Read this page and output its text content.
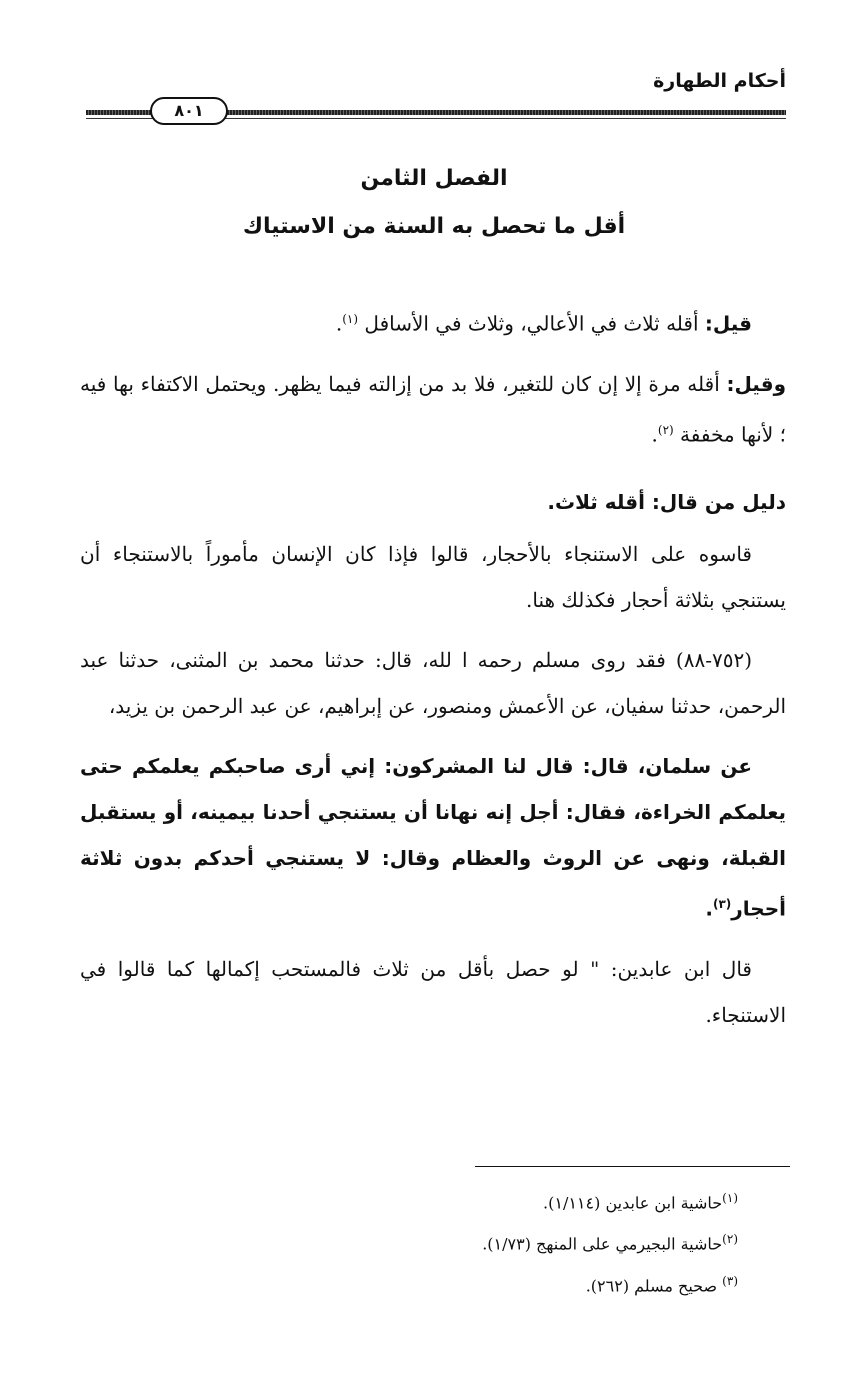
أحكام الطهارة
٨٠١
الفصل الثامن
أقل ما تحصل به السنة من الاستياك

قيل: أقله ثلاث في الأعالي، وثلاث في الأسافل $^{(١)}$.

وقيل: أقله مرة إلا إن كان للتغير، فلا بد من إزالته فيما يظهر. ويحتمل الاكتفاء بها فيه ؛ لأنها مخففة $^{(٢)}$.

دليل من قال: أقله ثلاث.

قاسوه على الاستنجاء بالأحجار، قالوا فإذا كان الإنسان مأموراً بالاستنجاء أن يستنجي بثلاثة أحجار فكذلك هنا.

(٧٥٢-٨٨) فقد روى مسلم رحمه ا لله، قال: حدثنا محمد بن المثنى، حدثنا عبد الرحمن، حدثنا سفيان، عن الأعمش ومنصور، عن إبراهيم، عن عبد الرحمن بن يزيد،

عن سلمان، قال: قال لنا المشركون: إني أرى صاحبكم يعلمكم حتى يعلمكم الخراءة، فقال: أجل إنه نهانا أن يستنجي أحدنا بيمينه، أو يستقبل القبلة، ونهى عن الروث والعظام وقال: لا يستنجي أحدكم بدون ثلاثة أحجار$^{(٣)}$.

قال ابن عابدين: " لو حصل بأقل من ثلاث فالمستحب إكمالها كما قالوا في الاستنجاء.

$^{(١)}$حاشية ابن عابدين (١/١١٤).

$^{(٢)}$حاشية البجيرمي على المنهج (١/٧٣).

$^{(٣)}$ صحيح مسلم (٢٦٢).
